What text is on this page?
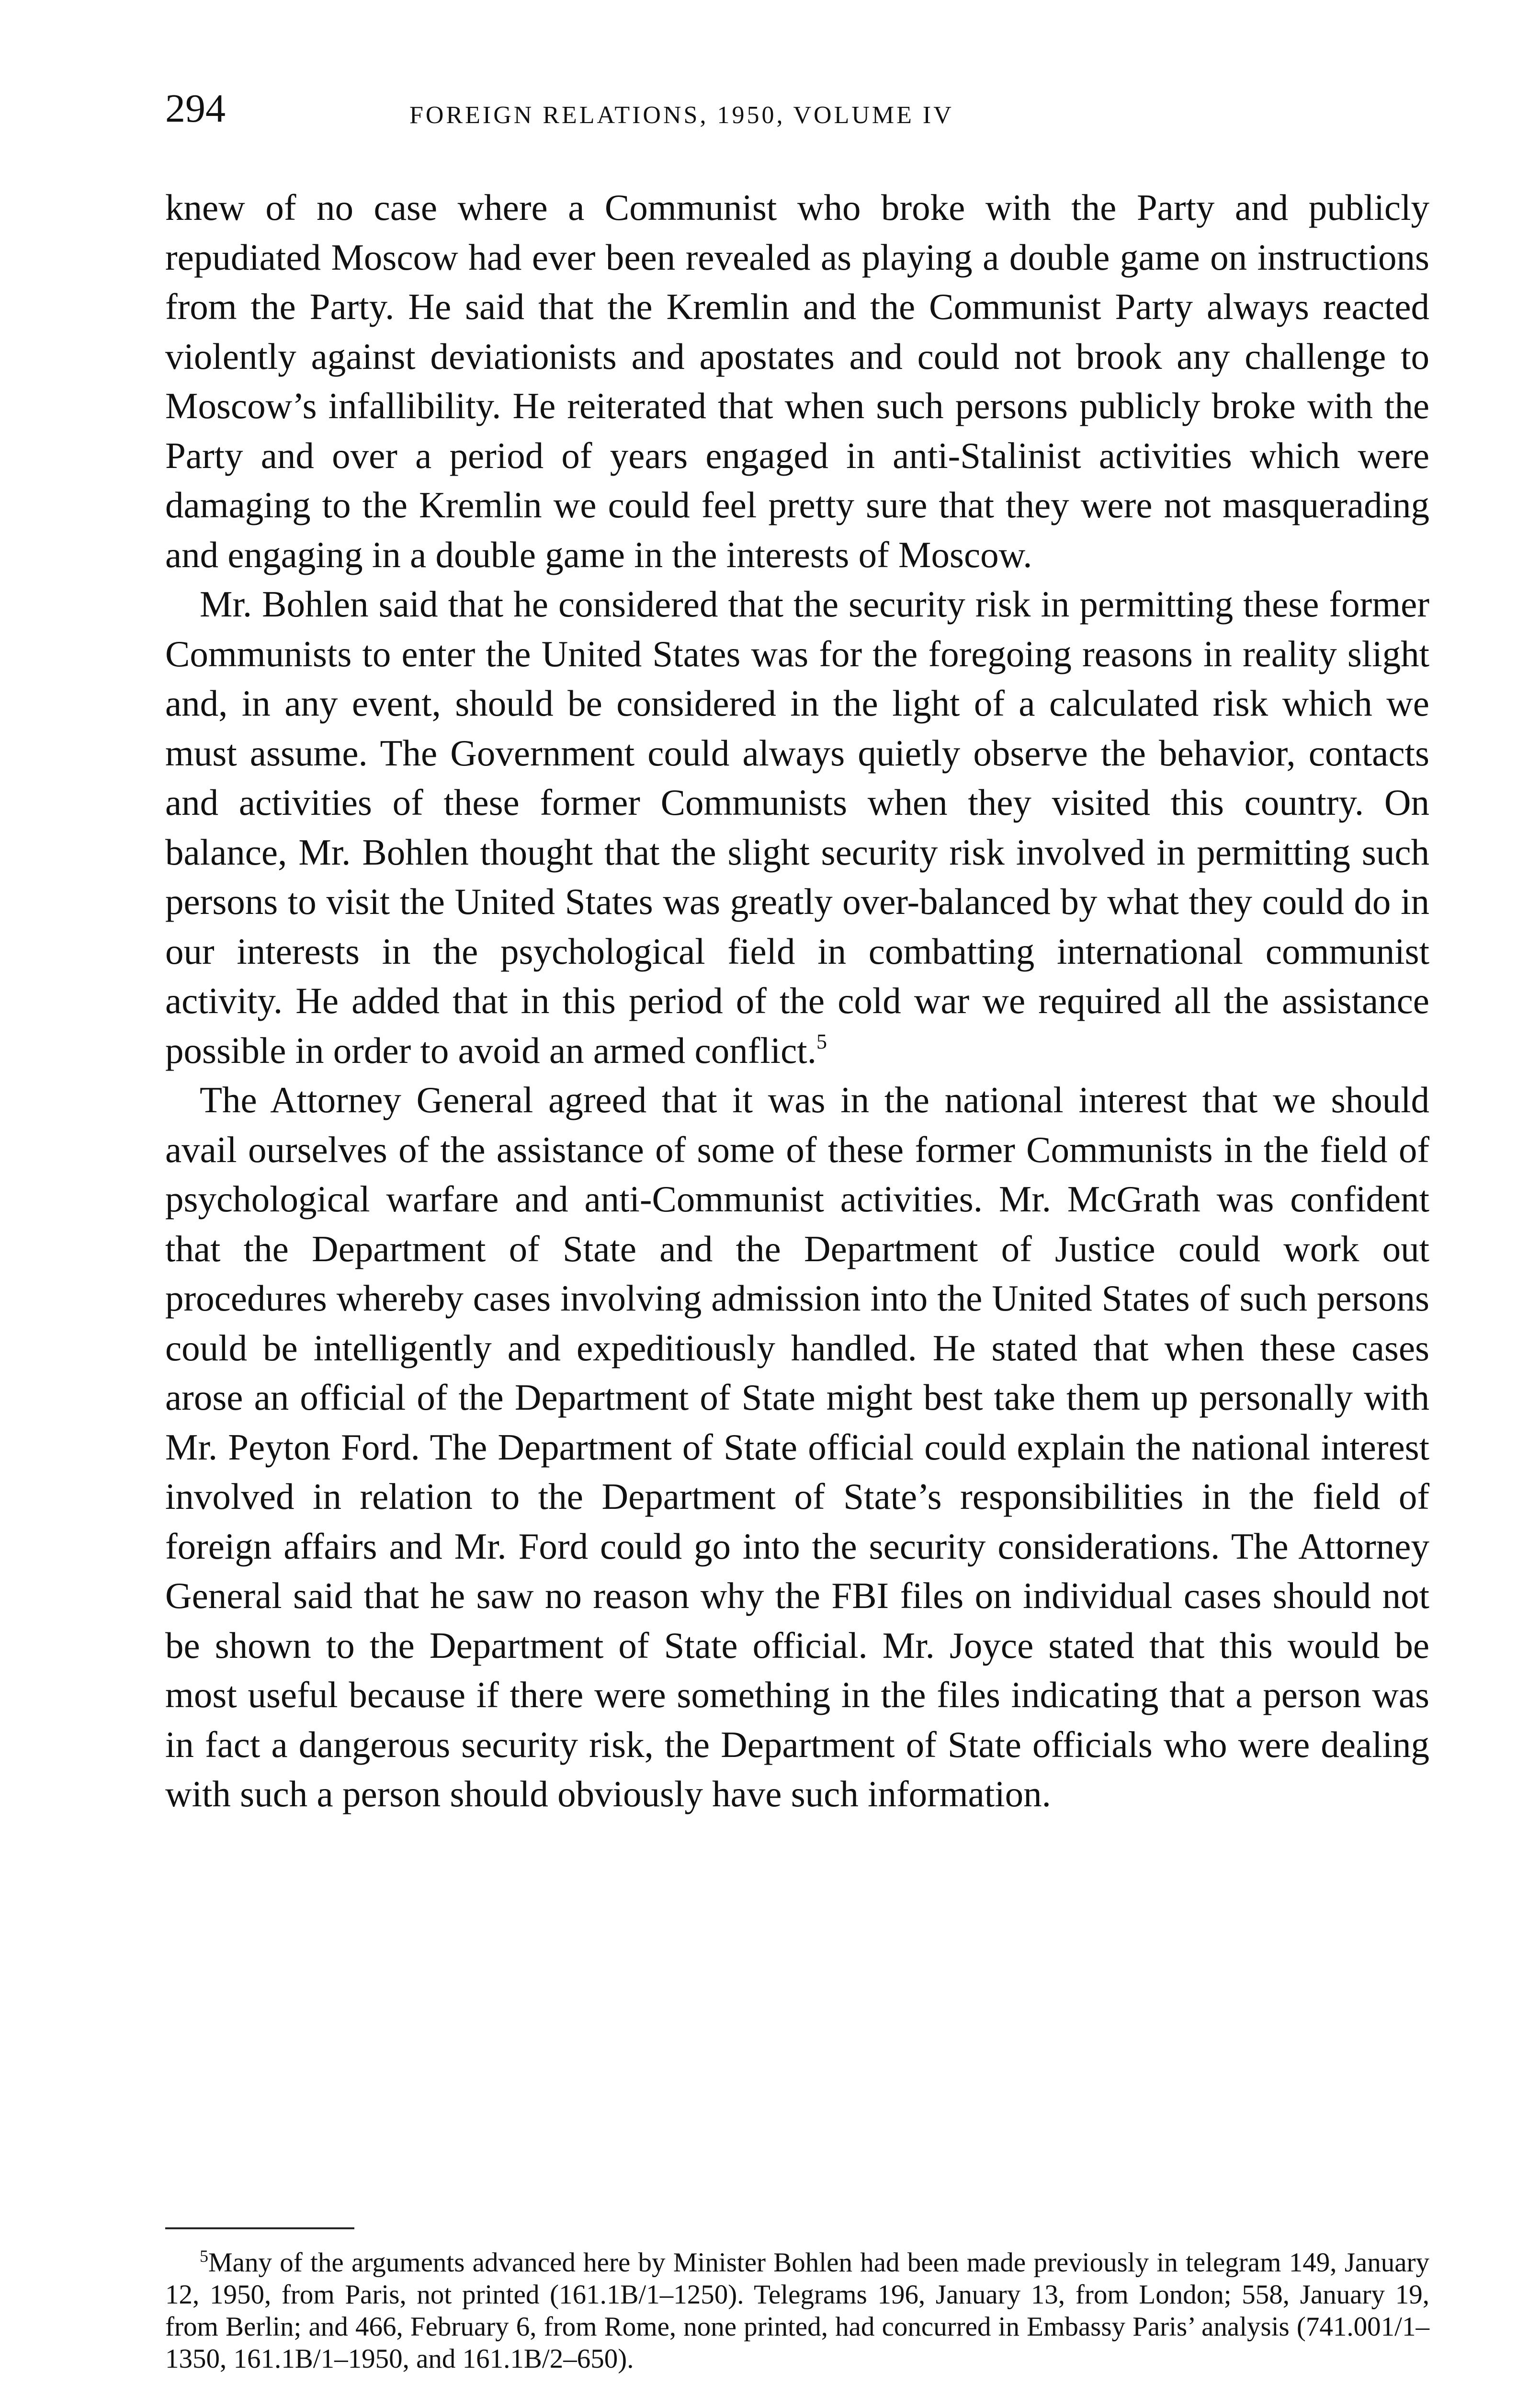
294	FOREIGN RELATIONS, 1950, VOLUME IV

knew of no case where a Communist who broke with the Party and publicly repudiated Moscow had ever been revealed as playing a double game on instructions from the Party. He said that the Kremlin and the Communist Party always reacted violently against deviationists and apostates and could not brook any challenge to Moscow’s infallibility. He reiterated that when such persons publicly broke with the Party and over a period of years engaged in anti-Stalinist activities which were damaging to the Kremlin we could feel pretty sure that they were not masquerading and engaging in a double game in the interests of Moscow.

Mr. Bohlen said that he considered that the security risk in permitting these former Communists to enter the United States was for the foregoing reasons in reality slight and, in any event, should be considered in the light of a calculated risk which we must assume. The Government could always quietly observe the behavior, contacts and activities of these former Communists when they visited this country. On balance, Mr. Bohlen thought that the slight security risk involved in permitting such persons to visit the United States was greatly over-balanced by what they could do in our interests in the psychological field in combatting international communist activity. He added that in this period of the cold war we required all the assistance possible in order to avoid an armed conflict.$^5$

The Attorney General agreed that it was in the national interest that we should avail ourselves of the assistance of some of these former Communists in the field of psychological warfare and anti-Communist activities. Mr. McGrath was confident that the Department of State and the Department of Justice could work out procedures whereby cases involving admission into the United States of such persons could be intelligently and expeditiously handled. He stated that when these cases arose an official of the Department of State might best take them up personally with Mr. Peyton Ford. The Department of State official could explain the national interest involved in relation to the Department of State’s responsibilities in the field of foreign affairs and Mr. Ford could go into the security considerations. The Attorney General said that he saw no reason why the FBI files on individual cases should not be shown to the Department of State official. Mr. Joyce stated that this would be most useful because if there were something in the files indicating that a person was in fact a dangerous security risk, the Department of State officials who were dealing with such a person should obviously have such information.

$^5$Many of the arguments advanced here by Minister Bohlen had been made previously in telegram 149, January 12, 1950, from Paris, not printed (161.1B/1–1250). Telegrams 196, January 13, from London; 558, January 19, from Berlin; and 466, February 6, from Rome, none printed, had concurred in Embassy Paris’ analysis (741.001/1–1350, 161.1B/1–1950, and 161.1B/2–650).
